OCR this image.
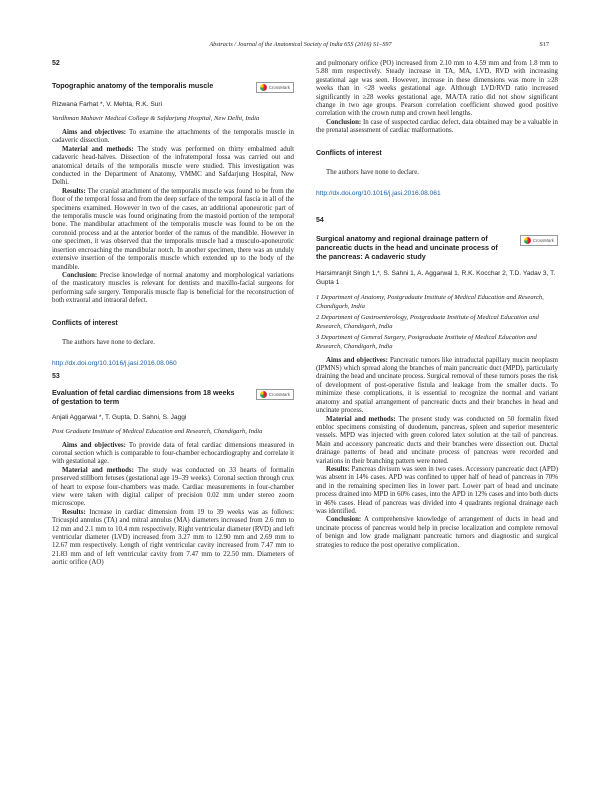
Abstracts / Journal of the Anatomical Society of India 65S (2016) S1–S97	S17
52

Topographic anatomy of the temporalis muscle	CrossMark
Rizwana Farhat *, V. Mehta, R.K. Suri

Vardhman Mahavir Medical College & Safdarjung Hospital, New Delhi, India

Aims and objectives: To examine the attachments of the temporalis muscle in cadaveric dissection.

Material and methods: The study was performed on thirty embalmed adult cadaveric head-halves. Dissection of the infratemporal fossa was carried out and anatomical details of the temporalis muscle were studied. This investigation was conducted in the Department of Anatomy, VMMC and Safdarjung Hospital, New Delhi.

Results: The cranial attachment of the temporalis muscle was found to be from the floor of the temporal fossa and from the deep surface of the temporal fascia in all of the specimens examined. However in two of the cases, an additional aponeurotic part of the temporalis muscle was found originating from the mastoid portion of the temporal bone. The mandibular attachment of the temporalis muscle was found to be on the coronoid process and at the anterior border of the ramus of the mandible. However in one specimen, it was observed that the temporalis muscle had a musculo-aponeurotic insertion encroaching the mandibular notch. In another specimen, there was an unduly extensive insertion of the temporalis muscle which extended up to the body of the mandible.

Conclusion: Precise knowledge of normal anatomy and morphological variations of the masticatory muscles is relevant for dentists and maxillo-facial surgeons for performing safe surgery. Temporalis muscle flap is beneficial for the reconstruction of both extraoral and intraoral defect.

Conflicts of interest

The authors have none to declare.

http://dx.doi.org/10.1016/j.jasi.2016.08.060
53

Evaluation of fetal cardiac dimensions from 18 weeks of gestation to term

CrossMark
Anjali Aggarwal *, T. Gupta, D. Sahni, S. Jaggi

Post Graduate Institute of Medical Education and Research, Chandigarh, India

Aims and objectives: To provide data of fetal cardiac dimensions measured in coronal section which is comparable to four-chamber echocardiography and correlate it with gestational age.

Material and methods: The study was conducted on 33 hearts of formalin preserved stillborn fetuses (gestational age 19–39 weeks). Coronal section through crux of heart to expose four-chambers was made. Cardiac measurements in four-chamber view were taken with digital caliper of precision 0.02 mm under stereo zoom microscope.

Results: Increase in cardiac dimension from 19 to 39 weeks was as follows: Tricuspid annulus (TA) and mitral annulus (MA) diameters increased from 2.6 mm to 12 mm and 2.1 mm to 10.4 mm respectively. Right ventricular diameter (RVD) and left ventricular diameter (LVD) increased from 3.27 mm to 12.90 mm and 2.69 mm to 12.67 mm respectively. Length of right ventricular cavity increased from 7.47 mm to 21.83 mm and of left ventricular cavity from 7.47 mm to 22.50 mm. Diameters of aortic orifice (AO)

and pulmonary orifice (PO) increased from 2.10 mm to 4.59 mm and from 1.8 mm to 5.88 mm respectively. Steady increase in TA, MA, LVD, RVD with increasing gestational age was seen. However, increase in these dimensions was more in ≥28 weeks than in <28 weeks gestational age. Although LVD/RVD ratio increased significantly in ≥28 weeks gestational age, MA/TA ratio did not show significant change in two age groups. Pearson correlation coefficient showed good positive correlation with the crown rump and crown heel lengths.

Conclusion: In case of suspected cardiac defect, data obtained may be a valuable in the prenatal assessment of cardiac malformations.

Conflicts of interest

The authors have none to declare.

http://dx.doi.org/10.1016/j.jasi.2016.08.061
54

Surgical anatomy and regional drainage pattern of pancreatic ducts in the head and uncinate process of the pancreas: A cadaveric study

CrossMark
Harsimranjit Singh 1,*, S. Sahni 1, A. Aggarwal 1, R.K. Kocchar 2, T.D. Yadav 3, T. Gupta 1

1 Department of Anatomy, Postgraduate Institute of Medical Education and Research, Chandigarh, India

2 Department of Gastroenterology, Postgraduate Institute of Medical Education and Research, Chandigarh, India

3 Department of General Surgery, Postgraduate Institute of Medical Education and Research, Chandigarh, India

Aims and objectives: Pancreatic tumors like intraductal papillary mucin neoplasm (IPMNS) which spread along the branches of main pancreatic duct (MPD), particularly draining the head and uncinate process. Surgical removal of these tumors poses the risk of development of post-operative fistula and leakage from the smaller ducts. To minimize these complications, it is essential to recognize the normal and variant anatomy and spatial arrangement of pancreatic ducts and their branches in head and uncinate process.

Material and methods: The present study was conducted on 50 formalin fixed enbloc specimens consisting of duodenum, pancreas, spleen and superior mesenteric vessels. MPD was injected with green colored latex solution at the tail of pancreas. Main and accessory pancreatic ducts and their branches were dissection out. Ductal drainage patterns of head and uncinate process of pancreas were recorded and variations in their branching pattern were noted.

Results: Pancreas divisum was seen in two cases. Accessory pancreatic duct (APD) was absent in 14% cases. APD was confined to upper half of head of pancreas in 70% and in the remaining specimen lies in lower part. Lower part of head and uncinate process drained into MPD in 60% cases, into the APD in 12% cases and into both ducts in 46% cases. Head of pancreas was divided into 4 quadrants regional drainage each was identified.

Conclusion: A comprehensive knowledge of arrangement of ducts in head and uncinate process of pancreas would help in precise localization and complete removal of benign and low grade malignant pancreatic tumors and diagnostic and surgical strategies to reduce the post operative complication.
